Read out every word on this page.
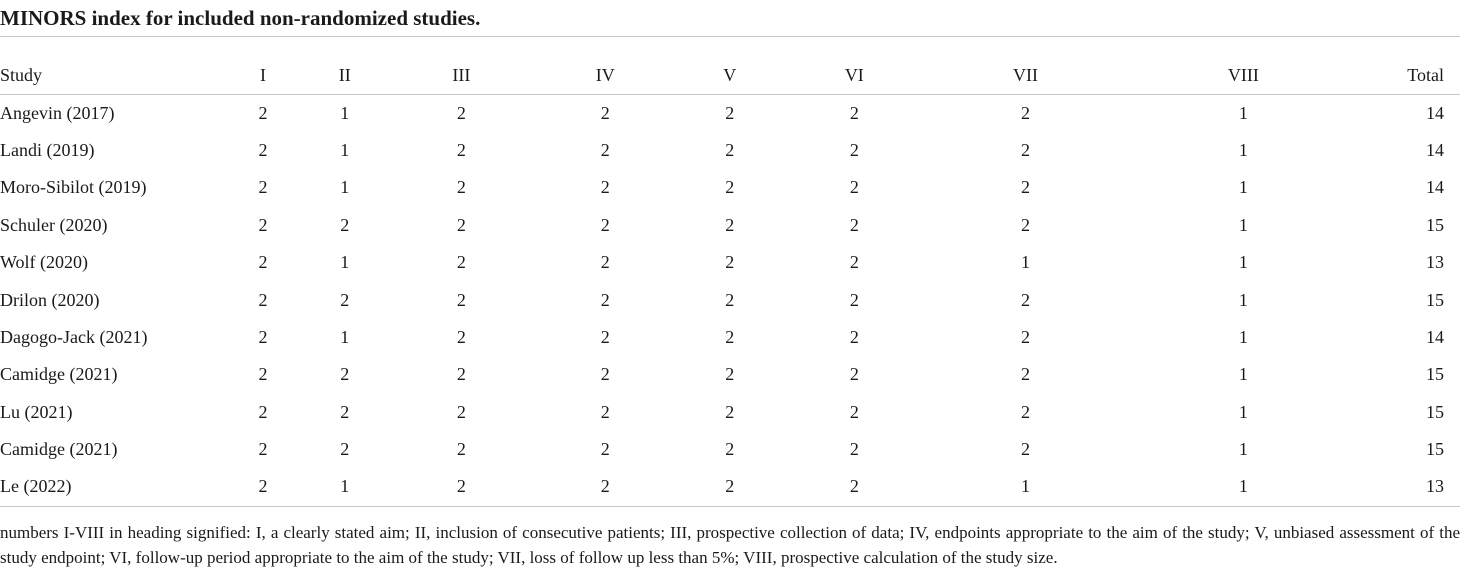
MINORS index for included non-randomized studies.
Study	I	II	III	IV	V	VI	VII	VIII	Total
Angevin (2017)	2	1	2	2	2	2	2	1	14
Landi (2019)	2	1	2	2	2	2	2	1	14
Moro-Sibilot (2019)	2	1	2	2	2	2	2	1	14
Schuler (2020)	2	2	2	2	2	2	2	1	15
Wolf (2020)	2	1	2	2	2	2	1	1	13
Drilon (2020)	2	2	2	2	2	2	2	1	15
Dagogo-Jack (2021)	2	1	2	2	2	2	2	1	14
Camidge (2021)	2	2	2	2	2	2	2	1	15
Lu (2021)	2	2	2	2	2	2	2	1	15
Camidge (2021)	2	2	2	2	2	2	2	1	15
Le (2022)	2	1	2	2	2	2	1	1	13
numbers I-VIII in heading signified: I, a clearly stated aim; II, inclusion of consecutive patients; III, prospective collection of data; IV, endpoints appropriate to the aim of the study; V, unbiased assessment of the study endpoint; VI, follow-up period appropriate to the aim of the study; VII, loss of follow up less than 5%; VIII, prospective calculation of the study size.
